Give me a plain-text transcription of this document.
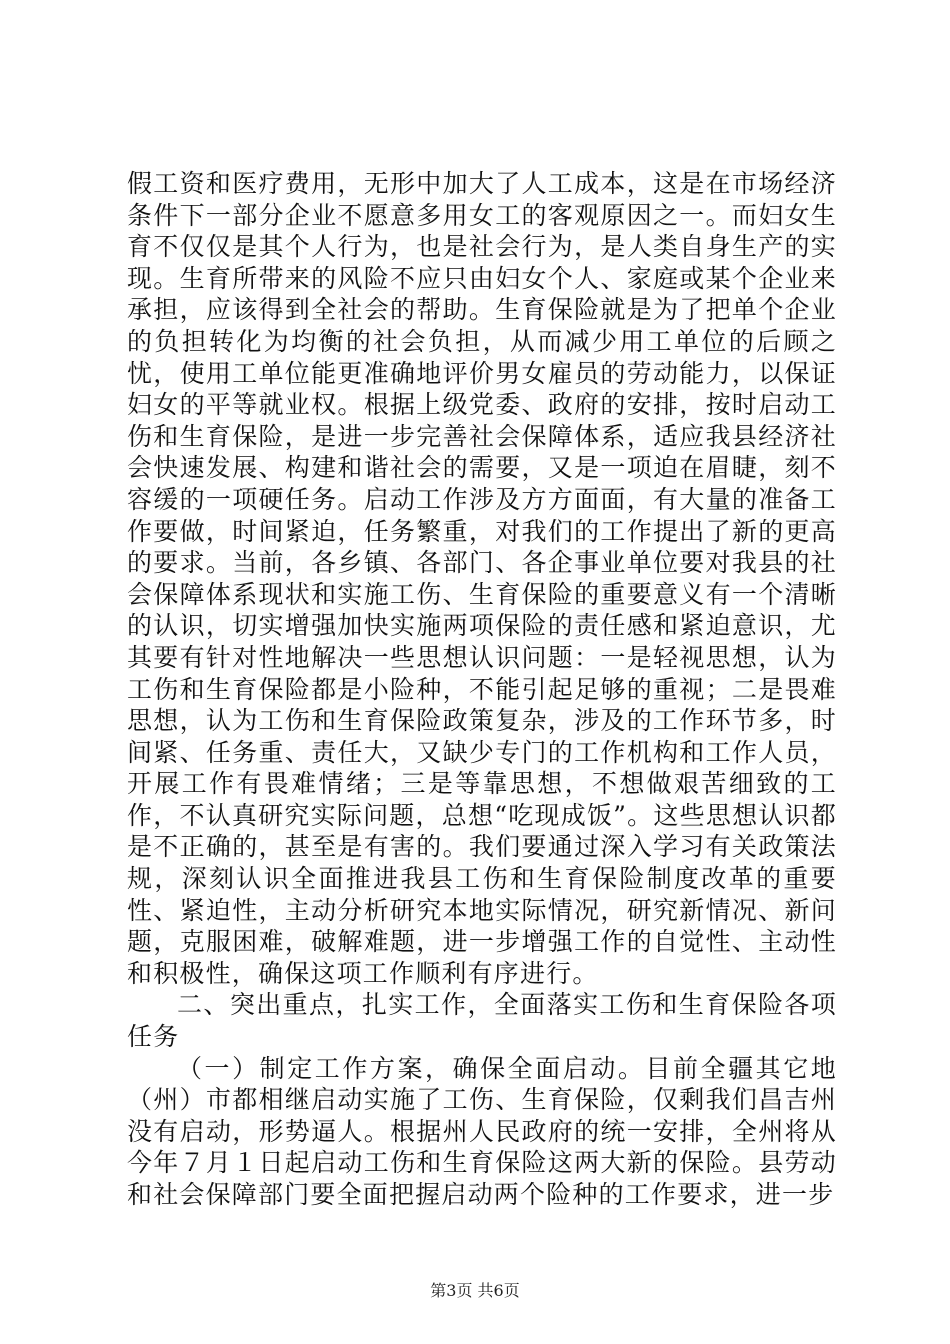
假工资和医疗费用，无形中加大了人工成本，这是在市场经济条件下一部分企业不愿意多用女工的客观原因之一。而妇女生育不仅仅是其个人行为，也是社会行为，是人类自身生产的实现。生育所带来的风险不应只由妇女个人、家庭或某个企业来承担，应该得到全社会的帮助。生育保险就是为了把单个企业的负担转化为均衡的社会负担，从而减少用工单位的后顾之忧，使用工单位能更准确地评价男女雇员的劳动能力，以保证妇女的平等就业权。根据上级党委、政府的安排，按时启动工伤和生育保险，是进一步完善社会保障体系，适应我县经济社会快速发展、构建和谐社会的需要，又是一项迫在眉睫，刻不容缓的一项硬任务。启动工作涉及方方面面，有大量的准备工作要做，时间紧迫，任务繁重，对我们的工作提出了新的更高的要求。当前，各乡镇、各部门、各企事业单位要对我县的社会保障体系现状和实施工伤、生育保险的重要意义有一个清晰的认识，切实增强加快实施两项保险的责任感和紧迫意识，尤其要有针对性地解决一些思想认识问题：一是轻视思想，认为工伤和生育保险都是小险种，不能引起足够的重视；二是畏难思想，认为工伤和生育保险政策复杂，涉及的工作环节多，时间紧、任务重、责任大，又缺少专门的工作机构和工作人员，开展工作有畏难情绪；三是等靠思想，不想做艰苦细致的工作，不认真研究实际问题，总想“吃现成饭”。这些思想认识都是不正确的，甚至是有害的。我们要通过深入学习有关政策法规，深刻认识全面推进我县工伤和生育保险制度改革的重要性、紧迫性，主动分析研究本地实际情况，研究新情况、新问题，克服困难，破解难题，进一步增强工作的自觉性、主动性和积极性，确保这项工作顺利有序进行。

二、突出重点，扎实工作，全面落实工伤和生育保险各项任务

（一）制定工作方案，确保全面启动。目前全疆其它地（州）市都相继启动实施了工伤、生育保险，仅剩我们昌吉州没有启动，形势逼人。根据州人民政府的统一安排，全州将从今年７月１日起启动工伤和生育保险这两大新的保险。县劳动和社会保障部门要全面把握启动两个险种的工作要求，进一步

第3页 共6页
